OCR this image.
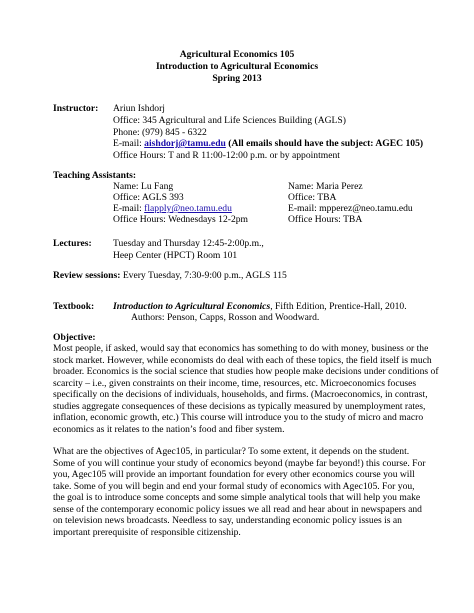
Agricultural Economics 105
Introduction to Agricultural Economics
Spring 2013
Instructor: Ariun Ishdorj
Office: 345 Agricultural and Life Sciences Building (AGLS)
Phone: (979) 845 - 6322
E-mail: aishdorj@tamu.edu (All emails should have the subject: AGEC 105)
Office Hours: T and R 11:00-12:00 p.m. or by appointment
Teaching Assistants:
Name: Lu Fang
Office: AGLS 393
E-mail: flapply@neo.tamu.edu
Office Hours: Wednesdays 12-2pm
Name: Maria Perez
Office: TBA
E-mail: mpperez@neo.tamu.edu
Office Hours: TBA
Lectures: Tuesday and Thursday 12:45-2:00p.m.,
Heep Center (HPCT) Room 101
Review sessions: Every Tuesday, 7:30-9:00 p.m., AGLS 115
Textbook: Introduction to Agricultural Economics, Fifth Edition, Prentice-Hall, 2010.
Authors: Penson, Capps, Rosson and Woodward.
Objective:
Most people, if asked, would say that economics has something to do with money, business or the
stock market. However, while economists do deal with each of these topics, the field itself is much
broader. Economics is the social science that studies how people make decisions under conditions of
scarcity – i.e., given constraints on their income, time, resources, etc. Microeconomics focuses
specifically on the decisions of individuals, households, and firms. (Macroeconomics, in contrast,
studies aggregate consequences of these decisions as typically measured by unemployment rates,
inflation, economic growth, etc.) This course will introduce you to the study of micro and macro
economics as it relates to the nation’s food and fiber system.
What are the objectives of Agec105, in particular? To some extent, it depends on the student.
Some of you will continue your study of economics beyond (maybe far beyond!) this course. For
you, Agec105 will provide an important foundation for every other economics course you will
take. Some of you will begin and end your formal study of economics with Agec105. For you,
the goal is to introduce some concepts and some simple analytical tools that will help you make
sense of the contemporary economic policy issues we all read and hear about in newspapers and
on television news broadcasts. Needless to say, understanding economic policy issues is an
important prerequisite of responsible citizenship.
